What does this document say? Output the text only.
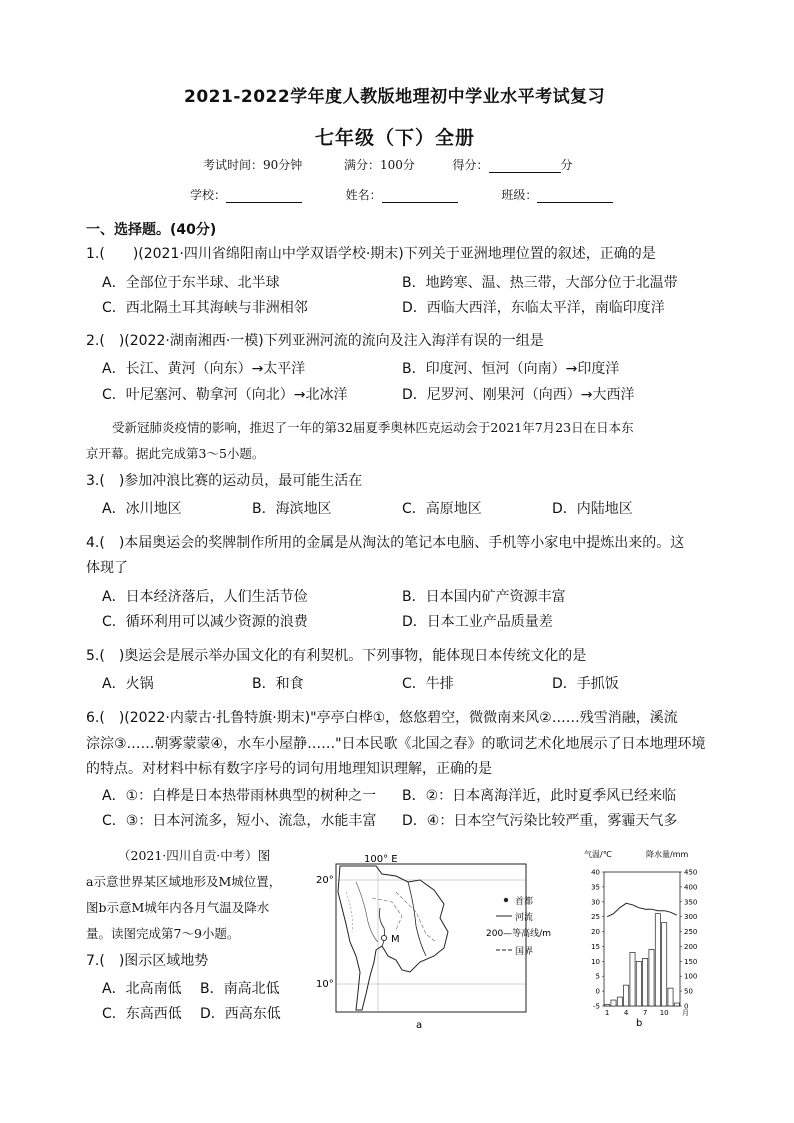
2021-2022学年度人教版地理初中学业水平考试复习
七年级（下）全册
考试时间：90分钟	满分：100分	得分：	分
学校：	姓名：	班级：
一、选择题。(40分)
1.(　　)(2021·四川省绵阳南山中学双语学校·期末)下列关于亚洲地理位置的叙述，正确的是
A．全部位于东半球、北半球	B．地跨寒、温、热三带，大部分位于北温带
C．西北隔土耳其海峡与非洲相邻	D．西临大西洋，东临太平洋，南临印度洋
2.(　)(2022·湖南湘西·一模)下列亚洲河流的流向及注入海洋有误的一组是
A．长江、黄河（向东）→太平洋	B．印度河、恒河（向南）→印度洋
C．叶尼塞河、勒拿河（向北）→北冰洋	D．尼罗河、刚果河（向西）→大西洋
受新冠肺炎疫情的影响，推迟了一年的第32届夏季奥林匹克运动会于2021年7月23日在日本东
京开幕。据此完成第3～5小题。
3.(　)参加冲浪比赛的运动员，最可能生活在
A．冰川地区	B．海滨地区	C．高原地区	D．内陆地区
4.(　)本届奥运会的奖牌制作所用的金属是从淘汰的笔记本电脑、手机等小家电中提炼出来的。这
体现了
A．日本经济落后，人们生活节俭	B．日本国内矿产资源丰富
C．循环利用可以减少资源的浪费	D．日本工业产品质量差
5.(　)奥运会是展示举办国文化的有利契机。下列事物，能体现日本传统文化的是
A．火锅	B．和食	C．牛排	D．手抓饭
6.(　)(2022·内蒙古·扎鲁特旗·期末)"亭亭白桦①，悠悠碧空，微微南来风②……残雪消融，溪流
淙淙③……朝雾蒙蒙④，水车小屋静……"日本民歌《北国之春》的歌词艺术化地展示了日本地理环境
的特点。对材料中标有数字序号的词句用地理知识理解，正确的是
A．①：白桦是日本热带雨林典型的树种之一 B．②：日本离海洋近，此时夏季风已经来临
C．③：日本河流多，短小、流急，水能丰富 D．④：日本空气污染比较严重，雾霾天气多
（2021·四川自贡·中考）图
a示意世界某区域地形及M城位置，
图b示意M城年内各月气温及降水
量。读图完成第7～9小题。
7.(　)图示区域地势
A．北高南低 B．南高北低
C．东高西低 D．西高东低
100° E
20°
10°
M
首都
河流
200—等高线/m
国界
a
气温/℃	降水量/mm
40	450
35	400
30	350
25	300
20	250
15	200
10	150
5	100
0	50
-5	0
1 4 7 10 月
b
